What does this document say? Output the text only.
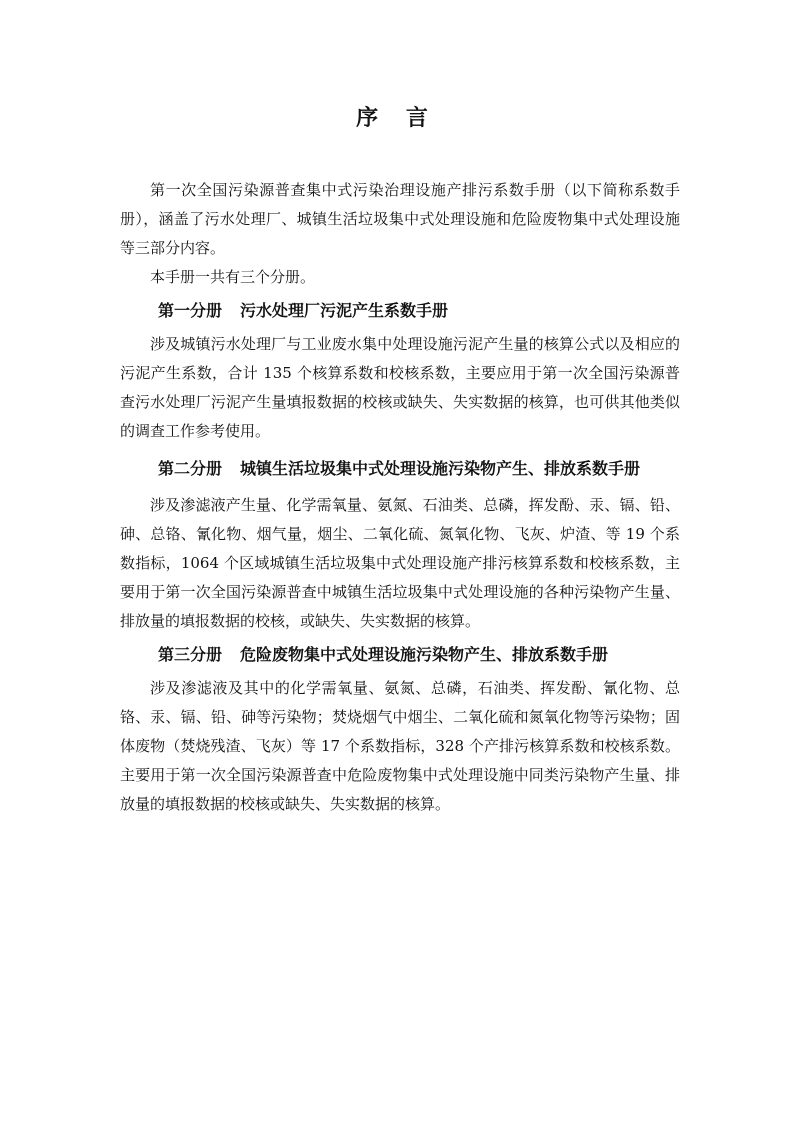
序 言

第一次全国污染源普查集中式污染治理设施产排污系数手册（以下简称系数手册），涵盖了污水处理厂、城镇生活垃圾集中式处理设施和危险废物集中式处理设施等三部分内容。

本手册一共有三个分册。

第一分册 污水处理厂污泥产生系数手册

涉及城镇污水处理厂与工业废水集中处理设施污泥产生量的核算公式以及相应的污泥产生系数，合计 135 个核算系数和校核系数，主要应用于第一次全国污染源普查污水处理厂污泥产生量填报数据的校核或缺失、失实数据的核算，也可供其他类似的调查工作参考使用。

第二分册 城镇生活垃圾集中式处理设施污染物产生、排放系数手册

涉及渗滤液产生量、化学需氧量、氨氮、石油类、总磷，挥发酚、汞、镉、铅、砷、总铬、氰化物、烟气量，烟尘、二氧化硫、氮氧化物、飞灰、炉渣、等 19 个系数指标，1064 个区域城镇生活垃圾集中式处理设施产排污核算系数和校核系数，主要用于第一次全国污染源普查中城镇生活垃圾集中式处理设施的各种污染物产生量、排放量的填报数据的校核，或缺失、失实数据的核算。

第三分册 危险废物集中式处理设施污染物产生、排放系数手册

涉及渗滤液及其中的化学需氧量、氨氮、总磷，石油类、挥发酚、氰化物、总铬、汞、镉、铅、砷等污染物；焚烧烟气中烟尘、二氧化硫和氮氧化物等污染物；固体废物（焚烧残渣、飞灰）等 17 个系数指标，328 个产排污核算系数和校核系数。主要用于第一次全国污染源普查中危险废物集中式处理设施中同类污染物产生量、排放量的填报数据的校核或缺失、失实数据的核算。
